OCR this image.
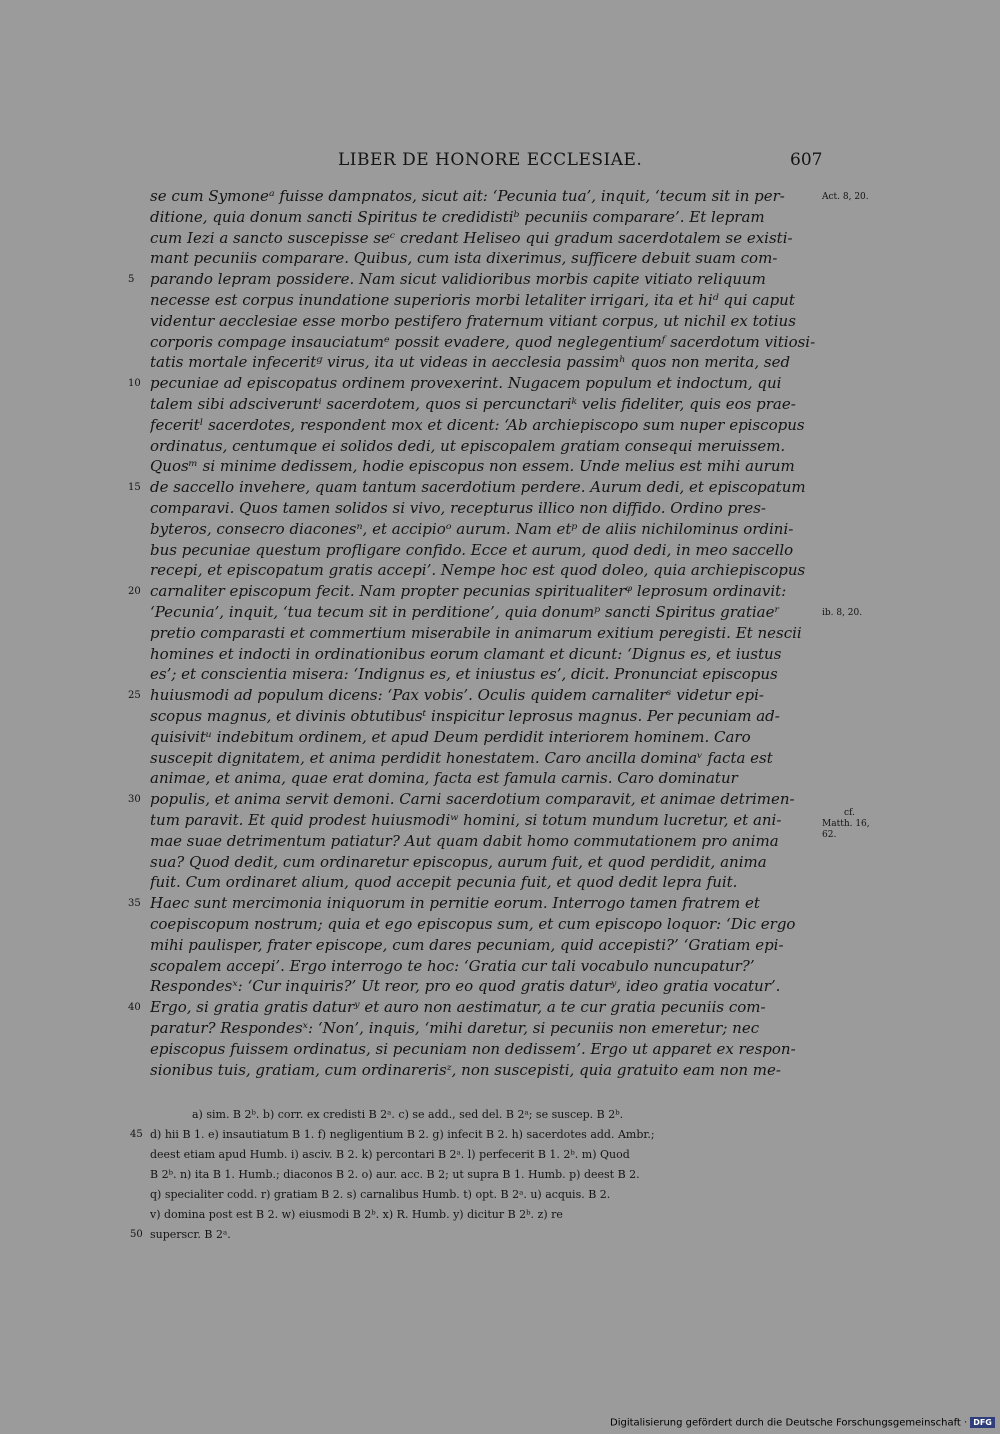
LIBER DE HONORE ECCLESIAE.	607
se cum Symoneᵃ fuisse dampnatos, sicut ait: ‘Pecunia tua’, inquit, ‘tecum sit in per-
ditione, quia donum sancti Spiritus te credidistiᵇ pecuniis comparare’. Et lepram
cum Iezi a sancto suscepisse seᶜ credant Heliseo qui gradum sacerdotalem se existi-
mant pecuniis comparare. Quibus, cum ista dixerimus, sufficere debuit suam com-
parando lepram possidere. Nam sicut validioribus morbis capite vitiato reliquum
necesse est corpus inundatione superioris morbi letaliter irrigari, ita et hiᵈ qui caput
videntur aecclesiae esse morbo pestifero fraternum vitiant corpus, ut nichil ex totius
corporis compage insauciatumᵉ possit evadere, quod neglegentiumᶠ sacerdotum vitiosi-
tatis mortale infeceritᵍ virus, ita ut videas in aecclesia passimʰ quos non merita, sed
pecuniae ad episcopatus ordinem provexerint. Nugacem populum et indoctum, qui
talem sibi adsciveruntⁱ sacerdotem, quos si percunctariᵏ velis fideliter, quis eos prae-
feceritˡ sacerdotes, respondent mox et dicent: ‘Ab archiepiscopo sum nuper episcopus
ordinatus, centumque ei solidos dedi, ut episcopalem gratiam consequi meruissem.
Quosᵐ si minime dedissem, hodie episcopus non essem. Unde melius est mihi aurum
de saccello invehere, quam tantum sacerdotium perdere. Aurum dedi, et episcopatum
comparavi. Quos tamen solidos si vivo, recepturus illico non diffido. Ordino pres-
byteros, consecro diaconesⁿ, et accipioᵒ aurum. Nam etᵖ de aliis nichilominus ordini-
bus pecuniae questum profligare confido. Ecce et aurum, quod dedi, in meo saccello
recepi, et episcopatum gratis accepi’. Nempe hoc est quod doleo, quia archiepiscopus
carnaliter episcopum fecit. Nam propter pecunias spiritualiterᵠ leprosum ordinavit:
‘Pecunia’, inquit, ‘tua tecum sit in perditione’, quia donumᵖ sancti Spiritus gratiaeʳ
pretio comparasti et commertium miserabile in animarum exitium peregisti. Et nescii
homines et indocti in ordinationibus eorum clamant et dicunt: ‘Dignus es, et iustus
es’; et conscientia misera: ‘Indignus es, et iniustus es’, dicit. Pronunciat episcopus
huiusmodi ad populum dicens: ‘Pax vobis’. Oculis quidem carnaliterˢ videtur epi-
scopus magnus, et divinis obtutibusᵗ inspicitur leprosus magnus. Per pecuniam ad-
quisivitᵘ indebitum ordinem, et apud Deum perdidit interiorem hominem. Caro
suscepit dignitatem, et anima perdidit honestatem. Caro ancilla dominaᵛ facta est
animae, et anima, quae erat domina, facta est famula carnis. Caro dominatur
populis, et anima servit demoni. Carni sacerdotium comparavit, et animae detrimen-
tum paravit. Et quid prodest huiusmodiʷ homini, si totum mundum lucretur, et ani-
mae suae detrimentum patiatur? Aut quam dabit homo commutationem pro anima
sua? Quod dedit, cum ordinaretur episcopus, aurum fuit, et quod perdidit, anima
fuit. Cum ordinaret alium, quod accepit pecunia fuit, et quod dedit lepra fuit.
Haec sunt mercimonia iniquorum in pernitie eorum. Interrogo tamen fratrem et
coepiscopum nostrum; quia et ego episcopus sum, et cum episcopo loquor: ‘Dic ergo
mihi paulisper, frater episcope, cum dares pecuniam, quid accepisti?’ ‘Gratiam epi-
scopalem accepi’. Ergo interrogo te hoc: ‘Gratia cur tali vocabulo nuncupatur?’
Respondesˣ: ‘Cur inquiris?’ Ut reor, pro eo quod gratis daturʸ, ideo gratia vocatur’.
Ergo, si gratia gratis daturʸ et auro non aestimatur, a te cur gratia pecuniis com-
paratur? Respondesˣ: ‘Non’, inquis, ‘mihi daretur, si pecuniis non emeretur; nec
episcopus fuissem ordinatus, si pecuniam non dedissem’. Ergo ut apparet ex respon-
sionibus tuis, gratiam, cum ordinarerisᶻ, non suscepisti, quia gratuito eam non me-
5
10
15
20
25
30
35
40
Act. 8, 20.
ib. 8, 20.
cf.
Matth. 16, 62.
a) sim. B 2ᵇ. b) corr. ex credisti B 2ᵃ. c) se add., sed del. B 2ᵃ; se suscep. B 2ᵇ.
d) hii B 1. e) insautiatum B 1. f) negligentium B 2. g) infecit B 2. h) sacerdotes add. Ambr.;
deest etiam apud Humb. i) asciv. B 2. k) percontari B 2ᵃ. l) perfecerit B 1. 2ᵇ. m) Quod
B 2ᵇ. n) ita B 1. Humb.; diaconos B 2. o) aur. acc. B 2; ut supra B 1. Humb. p) deest B 2.
q) specialiter codd. r) gratiam B 2. s) carnalibus Humb. t) opt. B 2ᵃ. u) acquis. B 2.
v) domina post est B 2. w) eiusmodi B 2ᵇ. x) R. Humb. y) dicitur B 2ᵇ. z) re
superscr. B 2ᵃ.
45
50
Digitalisierung gefördert durch die Deutsche Forschungsgemeinschaft · DFG
